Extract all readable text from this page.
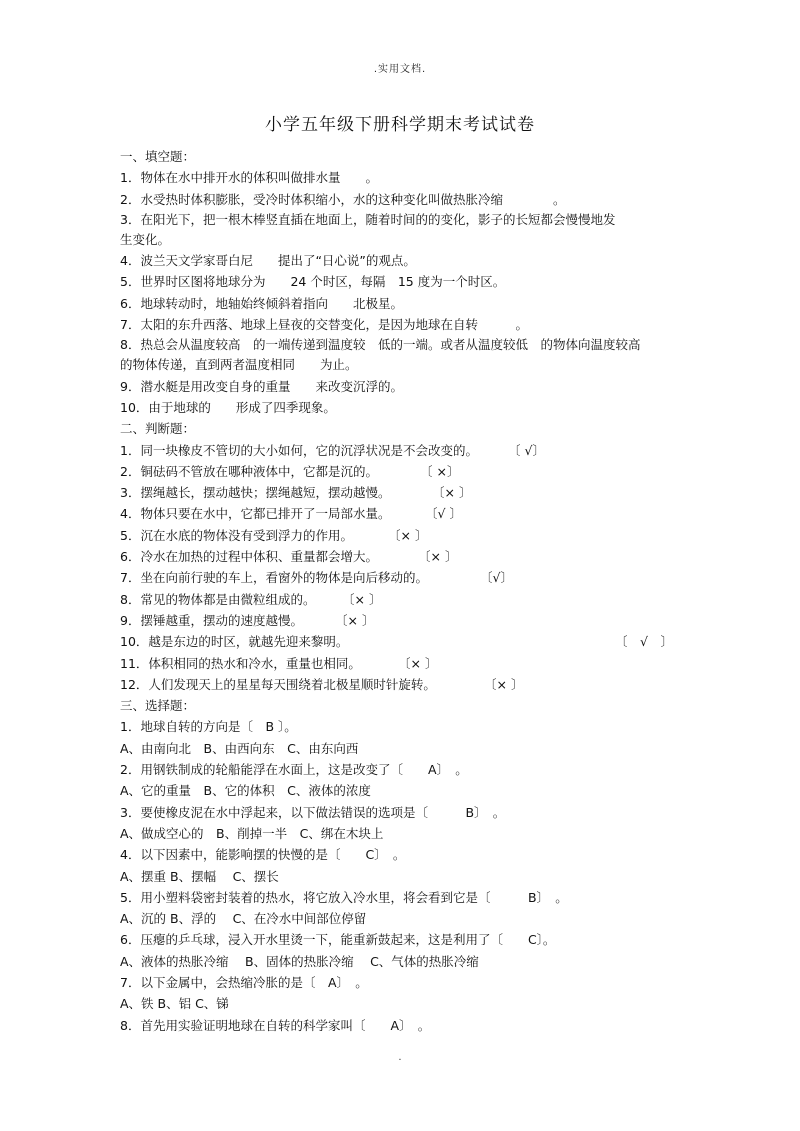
.实用文档.
小学五年级下册科学期末考试试卷
一、填空题：
1．物体在水中排开水的体积叫做排水量　　。
2．水受热时体积膨胀，受冷时体积缩小，水的这种变化叫做热胀冷缩　　　　。
3．在阳光下，把一根木棒竖直插在地面上，随着时间的的变化，影子的长短都会慢慢地发
生变化。
4．波兰天文学家哥白尼　　提出了“日心说”的观点。
5．世界时区图将地球分为　　24 个时区，每隔　15 度为一个时区。
6．地球转动时，地轴始终倾斜着指向　　北极星。
7．太阳的东升西落、地球上昼夜的交替变化，是因为地球在自转　　　。
8．热总会从温度较高　的一端传递到温度较　低的一端。或者从温度较低　的物体向温度较高
的物体传递，直到两者温度相同　　为止。
9．潜水艇是用改变自身的重量　　来改变沉浮的。
10．由于地球的　　形成了四季现象。
二、判断题：
1．同一块橡皮不管切的大小如何，它的沉浮状况是不会改变的。 〔 √〕
2．铜砝码不管放在哪种液体中，它都是沉的。	〔 ×〕
3．摆绳越长，摆动越快；摆绳越短，摆动越慢。	〔× 〕
4．物体只要在水中，它都已排开了一局部水量。	〔√ 〕
5．沉在水底的物体没有受到浮力的作用。	〔× 〕
6．冷水在加热的过程中体积、重量都会增大。	〔× 〕
7．坐在向前行驶的车上，看窗外的物体是向后移动的。	〔√〕
8．常见的物体都是由微粒组成的。 〔× 〕
9．摆锤越重，摆动的速度越慢。	〔× 〕
10．越是东边的时区，就越先迎来黎明。	〔　√　〕
11．体积相同的热水和冷水，重量也相同。	〔× 〕
12．人们发现天上的星星每天围绕着北极星顺时针旋转。	〔× 〕
三、选择题：
1．地球自转的方向是〔　B 〕。
A、由南向北　B、由西向东　C、由东向西
2．用钢铁制成的轮船能浮在水面上，这是改变了〔　　A〕　。
A、它的重量　B、它的体积　C、液体的浓度
3．要使橡皮泥在水中浮起来，以下做法错误的选项是〔　　　B〕　。
A、做成空心的　B、削掉一半　C、绑在木块上
4．以下因素中，能影响摆的快慢的是〔　　C〕　。
A、摆重 B、摆幅　 C、摆长
5．用小塑料袋密封装着的热水，将它放入冷水里，将会看到它是〔　　　B〕　。
A、沉的 B、浮的　 C、在冷水中间部位停留
6．压瘪的乒乓球，浸入开水里烫一下，能重新鼓起来，这是利用了〔　　C〕。
A、液体的热胀冷缩　 B、固体的热胀冷缩　 C、气体的热胀冷缩
7．以下金属中，会热缩冷胀的是〔　A〕　。
A、铁 B、铝 C、锑
8．首先用实验证明地球在自转的科学家叫〔　　A〕　。
.
